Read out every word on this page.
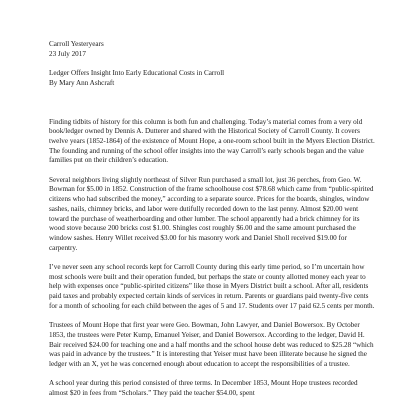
Carroll Yesteryears
23 July 2017
Ledger Offers Insight Into Early Educational Costs in Carroll
By Mary Ann Ashcraft

Finding tidbits of history for this column is both fun and challenging. Today’s material comes from a very old book/ledger owned by Dennis A. Dutterer and shared with the Historical Society of Carroll County. It covers twelve years (1852-1864) of the existence of Mount Hope, a one-room school built in the Myers Election District. The founding and running of the school offer insights into the way Carroll’s early schools began and the value families put on their children’s education.

Several neighbors living slightly northeast of Silver Run purchased a small lot, just 36 perches, from Geo. W. Bowman for $5.00 in 1852. Construction of the frame schoolhouse cost $78.68 which came from “public-spirited citizens who had subscribed the money,” according to a separate source. Prices for the boards, shingles, window sashes, nails, chimney bricks, and labor were dutifully recorded down to the last penny. Almost $20.00 went toward the purchase of weatherboarding and other lumber. The school apparently had a brick chimney for its wood stove because 200 bricks cost $1.00. Shingles cost roughly $6.00 and the same amount purchased the window sashes. Henry Willet received $3.00 for his masonry work and Daniel Sholl received $19.00 for carpentry.

I’ve never seen any school records kept for Carroll County during this early time period, so I’m uncertain how most schools were built and their operation funded, but perhaps the state or county allotted money each year to help with expenses once “public-spirited citizens” like those in Myers District built a school. After all, residents paid taxes and probably expected certain kinds of services in return. Parents or guardians paid twenty-five cents for a month of schooling for each child between the ages of 5 and 17. Students over 17 paid 62.5 cents per month.

Trustees of Mount Hope that first year were Geo. Bowman, John Lawyer, and Daniel Bowersox. By October 1853, the trustees were Peter Kump, Emanuel Yeiser, and Daniel Bowersox. According to the ledger, David H. Bair received $24.00 for teaching one and a half months and the school house debt was reduced to $25.28 “which was paid in advance by the trustees.” It is interesting that Yeiser must have been illiterate because he signed the ledger with an X, yet he was concerned enough about education to accept the responsibilities of a trustee.

A school year during this period consisted of three terms. In December 1853, Mount Hope trustees recorded almost $20 in fees from “Scholars.” They paid the teacher $54.00, spent
